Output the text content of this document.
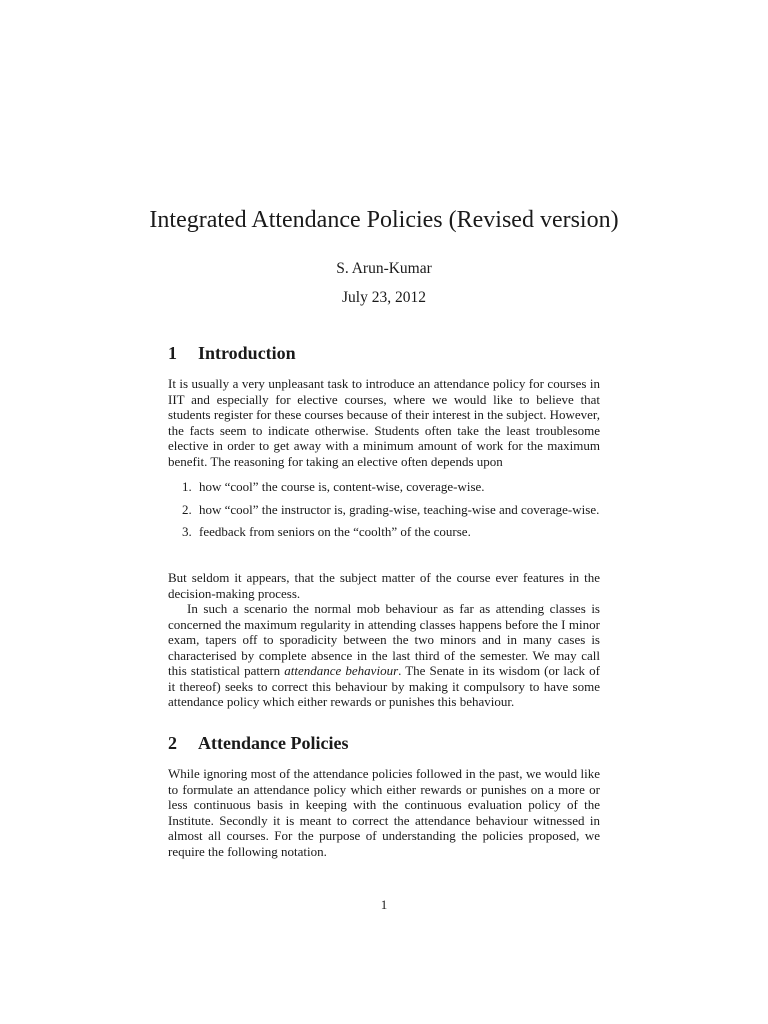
Integrated Attendance Policies (Revised version)
S. Arun-Kumar
July 23, 2012
1 Introduction

It is usually a very unpleasant task to introduce an attendance policy for courses in IIT and especially for elective courses, where we would like to believe that students register for these courses because of their interest in the subject. However, the facts seem to indicate otherwise. Students often take the least troublesome elective in order to get away with a minimum amount of work for the maximum benefit. The reasoning for taking an elective often depends upon

1. how “cool” the course is, content-wise, coverage-wise.
2. how “cool” the instructor is, grading-wise, teaching-wise and coverage-wise.
3. feedback from seniors on the “coolth” of the course.

But seldom it appears, that the subject matter of the course ever features in the decision-making process.

In such a scenario the normal mob behaviour as far as attending classes is concerned the maximum regularity in attending classes happens before the I minor exam, tapers off to sporadicity between the two minors and in many cases is characterised by complete absence in the last third of the semester. We may call this statistical pattern attendance behaviour. The Senate in its wisdom (or lack of it thereof) seeks to correct this behaviour by making it compulsory to have some attendance policy which either rewards or punishes this behaviour.

2 Attendance Policies

While ignoring most of the attendance policies followed in the past, we would like to formulate an attendance policy which either rewards or punishes on a more or less continuous basis in keeping with the continuous evaluation policy of the Institute. Secondly it is meant to correct the attendance behaviour witnessed in almost all courses. For the purpose of understanding the policies proposed, we require the following notation.

1
